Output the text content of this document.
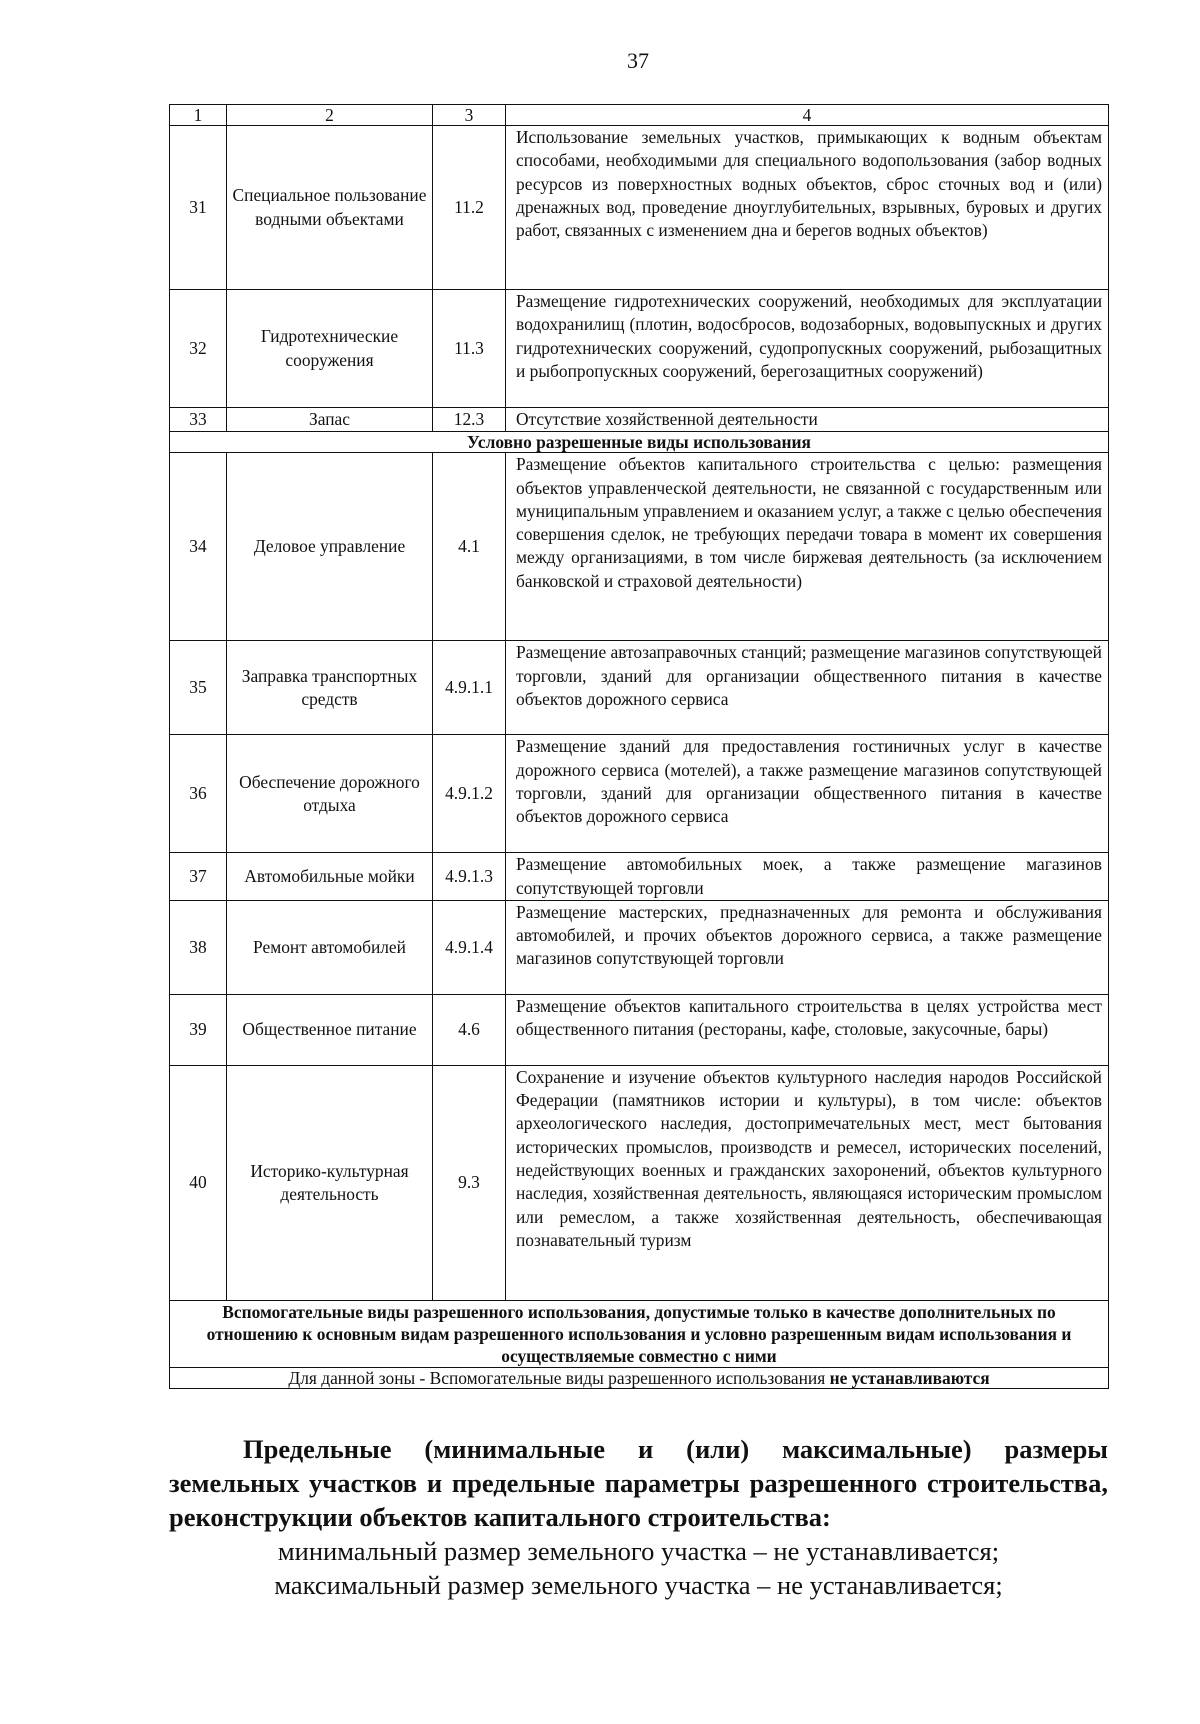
37
1	2	3	4
31	Специальное пользование водными объектами	11.2	Использование земельных участков, примыкающих к водным объектам способами, необходимыми для специального водопользования (забор водных ресурсов из поверхностных водных объектов, сброс сточных вод и (или) дренажных вод, проведение дноуглубительных, взрывных, буровых и других работ, связанных с изменением дна и берегов водных объектов)
32	Гидротехнические сооружения	11.3	Размещение гидротехнических сооружений, необходимых для эксплуатации водохранилищ (плотин, водосбросов, водозаборных, водовыпускных и других гидротехнических сооружений, судопропускных сооружений, рыбозащитных и рыбопропускных сооружений, берегозащитных сооружений)
33	Запас	12.3	Отсутствие хозяйственной деятельности
Условно разрешенные виды использования			
34	Деловое управление	4.1	Размещение объектов капитального строительства с целью: размещения объектов управленческой деятельности, не связанной с государственным или муниципальным управлением и оказанием услуг, а также с целью обеспечения совершения сделок, не требующих передачи товара в момент их совершения между организациями, в том числе биржевая деятельность (за исключением банковской и страховой деятельности)
35	Заправка транспортных средств	4.9.1.1	Размещение автозаправочных станций; размещение магазинов сопутствующей торговли, зданий для организации общественного питания в качестве объектов дорожного сервиса
36	Обеспечение дорожного отдыха	4.9.1.2	Размещение зданий для предоставления гостиничных услуг в качестве дорожного сервиса (мотелей), а также размещение магазинов сопутствующей торговли, зданий для организации общественного питания в качестве объектов дорожного сервиса
37	Автомобильные мойки	4.9.1.3	Размещение автомобильных моек, а также размещение магазинов сопутствующей торговли
38	Ремонт автомобилей	4.9.1.4	Размещение мастерских, предназначенных для ремонта и обслуживания автомобилей, и прочих объектов дорожного сервиса, а также размещение магазинов сопутствующей торговли
39	Общественное питание	4.6	Размещение объектов капитального строительства в целях устройства мест общественного питания (рестораны, кафе, столовые, закусочные, бары)
40	Историко-культурная деятельность	9.3	Сохранение и изучение объектов культурного наследия народов Российской Федерации (памятников истории и культуры), в том числе: объектов археологического наследия, достопримечательных мест, мест бытования исторических промыслов, производств и ремесел, исторических поселений, недействующих военных и гражданских захоронений, объектов культурного наследия, хозяйственная деятельность, являющаяся историческим промыслом или ремеслом, а также хозяйственная деятельность, обеспечивающая познавательный туризм
Вспомогательные виды разрешенного использования, допустимые только в качестве дополнительных по отношению к основным видам разрешенного использования и условно разрешенным видам использования и осуществляемые совместно с ними			
Для данной зоны - Вспомогательные виды разрешенного использования не устанавливаются			
Предельные (минимальные и (или) максимальные) размеры земельных участков и предельные параметры разрешенного строительства, реконструкции объектов капитального строительства:
минимальный размер земельного участка – не устанавливается;
максимальный размер земельного участка – не устанавливается;
